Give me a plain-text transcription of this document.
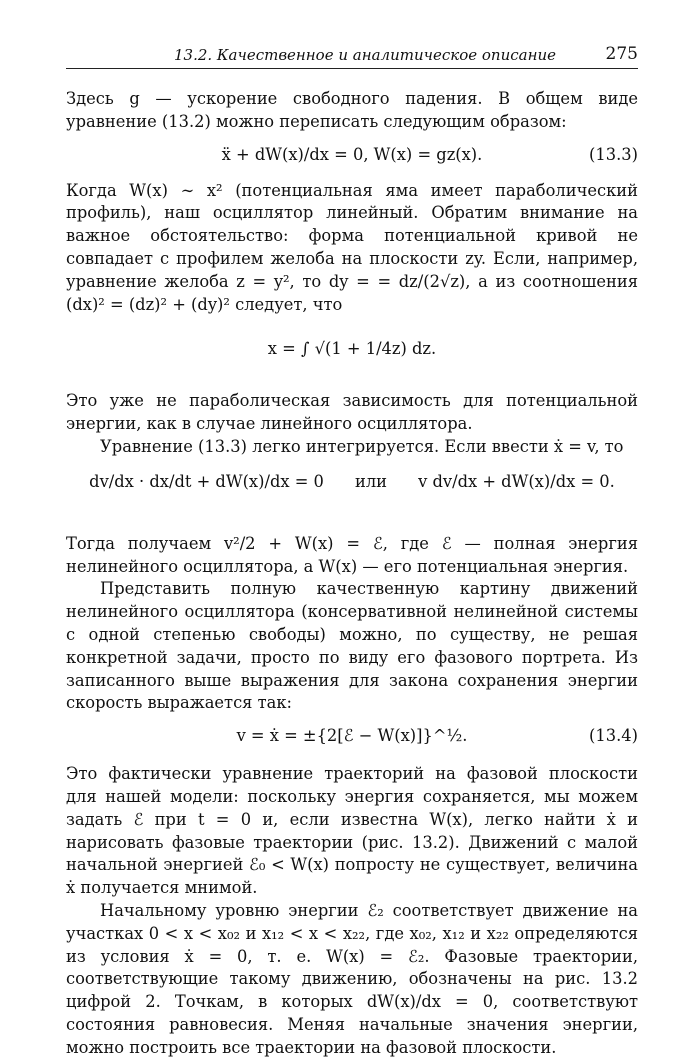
13.2. Качественное и аналитическое описание	275

Здесь g — ускорение свободного падения. В общем виде уравнение (13.2) можно переписать следующим образом:

ẍ + dW(x)/dx = 0, W(x) = gz(x).	(13.3)

Когда W(x) ∼ x² (потенциальная яма имеет параболический профиль), наш осциллятор линейный. Обратим внимание на важное обстоятельство: форма потенциальной кривой не совпадает с профилем желоба на плоскости zy. Если, например, уравнение желоба z = y², то dy = = dz/(2√z), а из соотношения (dx)² = (dz)² + (dy)² следует, что

x = ∫ √(1 + 1/4z) dz.

Это уже не параболическая зависимость для потенциальной энергии, как в случае линейного осциллятора.

Уравнение (13.3) легко интегрируется. Если ввести ẋ = v, то

dv/dx · dx/dt + dW(x)/dx = 0 или v dv/dx + dW(x)/dx = 0.

Тогда получаем v²/2 + W(x) = ℰ, где ℰ — полная энергия нелинейного осциллятора, а W(x) — его потенциальная энергия.

Представить полную качественную картину движений нелинейного осциллятора (консервативной нелинейной системы с одной степенью свободы) можно, по существу, не решая конкретной задачи, просто по виду его фазового портрета. Из записанного выше выражения для закона сохранения энергии скорость выражается так:

v = ẋ = ±{2[ℰ − W(x)]}^½.	(13.4)

Это фактически уравнение траекторий на фазовой плоскости для нашей модели: поскольку энергия сохраняется, мы можем задать ℰ при t = 0 и, если известна W(x), легко найти ẋ и нарисовать фазовые траектории (рис. 13.2). Движений с малой начальной энергией ℰ₀ < W(x) попросту не существует, величина ẋ получается мнимой.

Начальному уровню энергии ℰ₂ соответствует движение на участках 0 < x < x₀₂ и x₁₂ < x < x₂₂, где x₀₂, x₁₂ и x₂₂ определяются из условия ẋ = 0, т. е. W(x) = ℰ₂. Фазовые траектории, соответствующие такому движению, обозначены на рис. 13.2 цифрой 2. Точкам, в которых dW(x)/dx = 0, соответствуют состояния равновесия. Меняя начальные значения энергии, можно построить все траектории на фазовой плоскости.
